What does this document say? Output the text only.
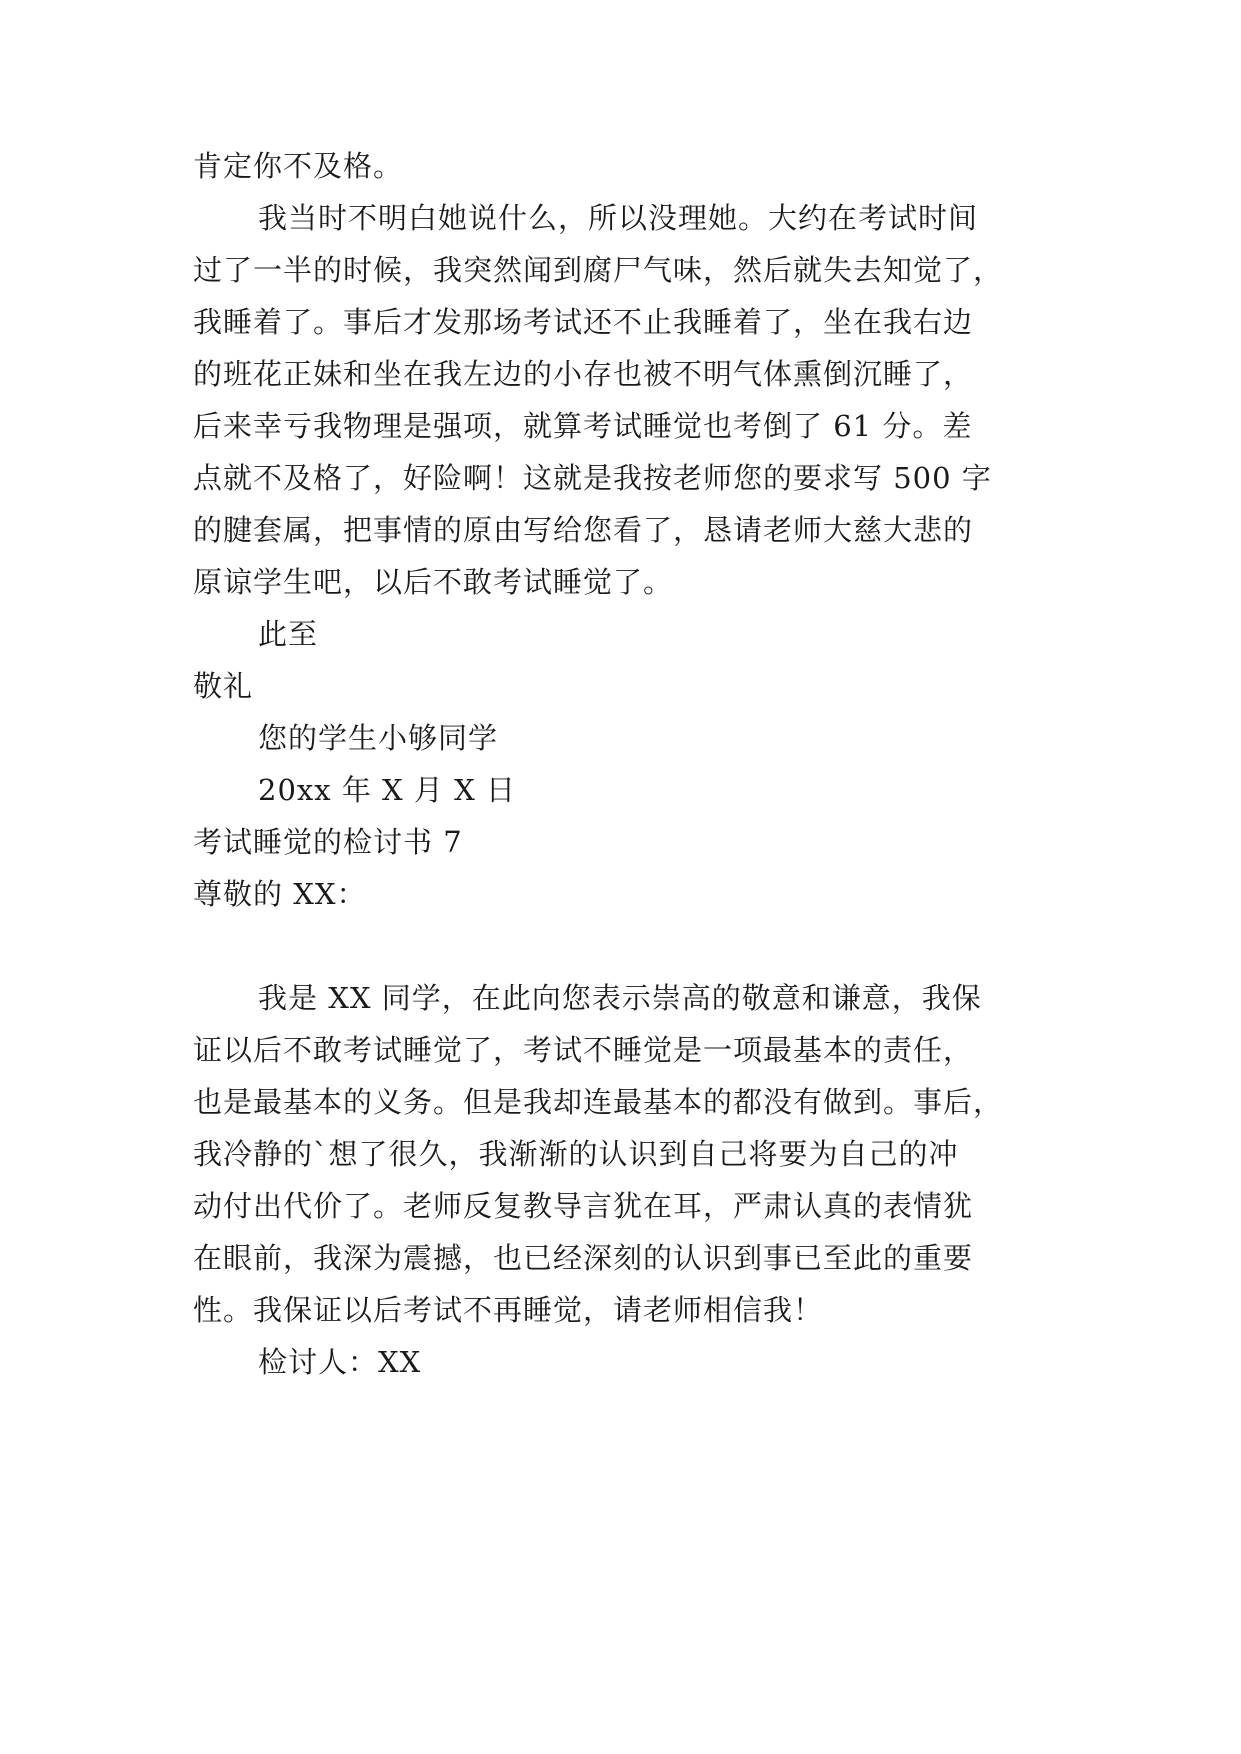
肯定你不及格。
我当时不明白她说什么，所以没理她。大约在考试时间
过了一半的时候，我突然闻到腐尸气味，然后就失去知觉了，
我睡着了。事后才发那场考试还不止我睡着了，坐在我右边
的班花正妹和坐在我左边的小存也被不明气体熏倒沉睡了，
后来幸亏我物理是强项，就算考试睡觉也考倒了 61 分。差
点就不及格了，好险啊！这就是我按老师您的要求写 500 字
的腱套属，把事情的原由写给您看了，恳请老师大慈大悲的
原谅学生吧，以后不敢考试睡觉了。
此至
敬礼
您的学生小够同学
20xx 年 X 月 X 日
考试睡觉的检讨书 7
尊敬的 XX：
我是 XX 同学，在此向您表示崇高的敬意和谦意，我保
证以后不敢考试睡觉了，考试不睡觉是一项最基本的责任，
也是最基本的义务。但是我却连最基本的都没有做到。事后，
我冷静的`想了很久，我渐渐的认识到自己将要为自己的冲
动付出代价了。老师反复教导言犹在耳，严肃认真的表情犹
在眼前，我深为震撼，也已经深刻的认识到事已至此的重要
性。我保证以后考试不再睡觉，请老师相信我！
检讨人：XX
